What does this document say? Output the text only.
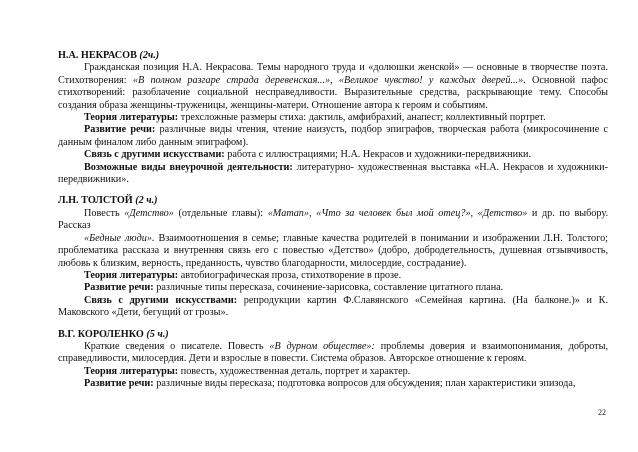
Н.А. НЕКРАСОВ (2ч.)

Гражданская позиция Н.А. Некрасова. Темы народного труда и «долюшки женской» — основные в творчестве поэта. Стихотворения: «В полном разгаре страда деревенская...», «Великое чувство! у каждых дверей...». Основной пафос стихотворений: разоблачение социальной несправедливости. Выразительные средства, раскрывающие тему. Способы создания образа женщины-труженицы, женщины-матери. Отношение автора к героям и событиям.

Теория литературы: трехсложные размеры стиха: дактиль, амфибрахий, анапест; коллективный портрет.

Развитие речи: различные виды чтения, чтение наизусть, подбор эпиграфов, творческая работа (микросочинение с данным финалом либо данным эпиграфом).

Связь с другими искусствами: работа с иллюстрациями; Н.А. Некрасов и художники-передвижники.

Возможные виды внеурочной деятельности: литературно- художественная выставка «Н.А. Некрасов и художники-передвижники».

Л.Н. ТОЛСТОЙ (2 ч.)

Повесть «Детство» (отдельные главы): «Maman», «Что за человек был мой отец?», «Детство» и др. по выбору. Рассказ

«Бедные люди». Взаимоотношения в семье; главные качества родителей в понимании и изображении Л.Н. Толстого; проблематика рассказа и внутренняя связь его с повестью «Детство» (добро, добродетельность, душевная отзывчивость, любовь к близким, верность, преданность, чувство благодарности, милосердие, сострадание).

Теория литературы: автобиографическая проза, стихотворение в прозе.

Развитие речи: различные типы пересказа, сочинение-зарисовка, составление цитатного плана.

Связь с другими искусствами: репродукции картин Ф.Славянского «Семейная картина. (На балконе.)» и К. Маковского «Дети, бегущий от грозы».

В.Г. КОРОЛЕНКО (5 ч.)

Краткие сведения о писателе. Повесть «В дурном обществе»: проблемы доверия и взаимопонимания, доброты, справедливости, милосердия. Дети и взрослые в повести. Система образов. Авторское отношение к героям.

Теория литературы: повесть, художественная деталь, портрет и характер.

Развитие речи: различные виды пересказа; подготовка вопросов для обсуждения; план характеристики эпизода,

22
